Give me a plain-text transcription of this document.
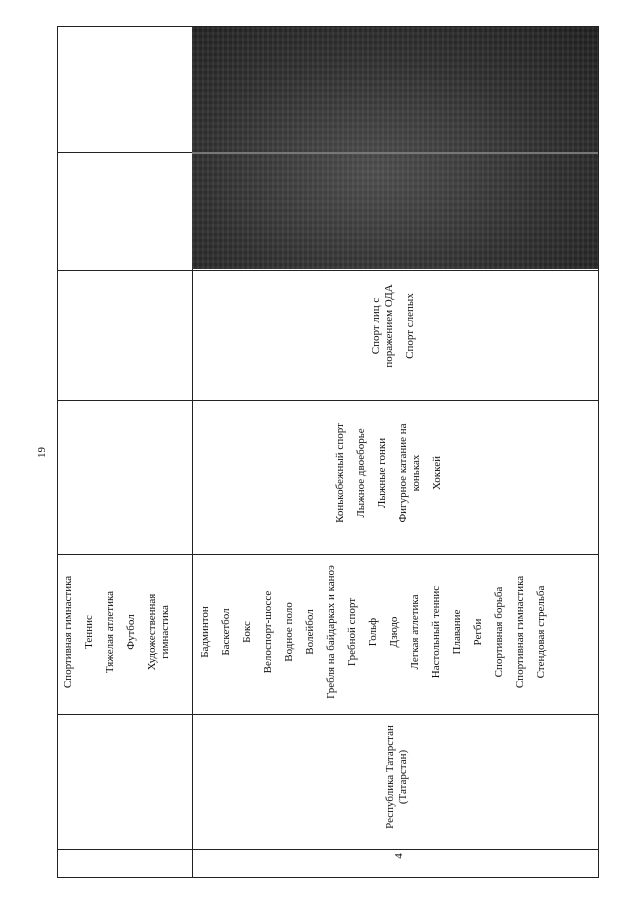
19
4
Республика Татарстан (Татарстан)
Спортивная гимнастика Теннис Тяжелая атлетика Футбол Художественная гимнастика	Бадминтон Баскетбол Бокс Велоспорт-шоссе Водное поло Волейбол Гребля на байдарках и каноэ Гребной спорт Гольф Дзюдо Легкая атлетика Настольный теннис Плавание Регби Спортивная борьба Спортивная гимнастика Стендовая стрельба
Конькобежный спорт Лыжное двоеборье Лыжные гонки Фигурное катание на коньках Хоккей
Спорт лиц с поражением ОДА Спорт слепых
